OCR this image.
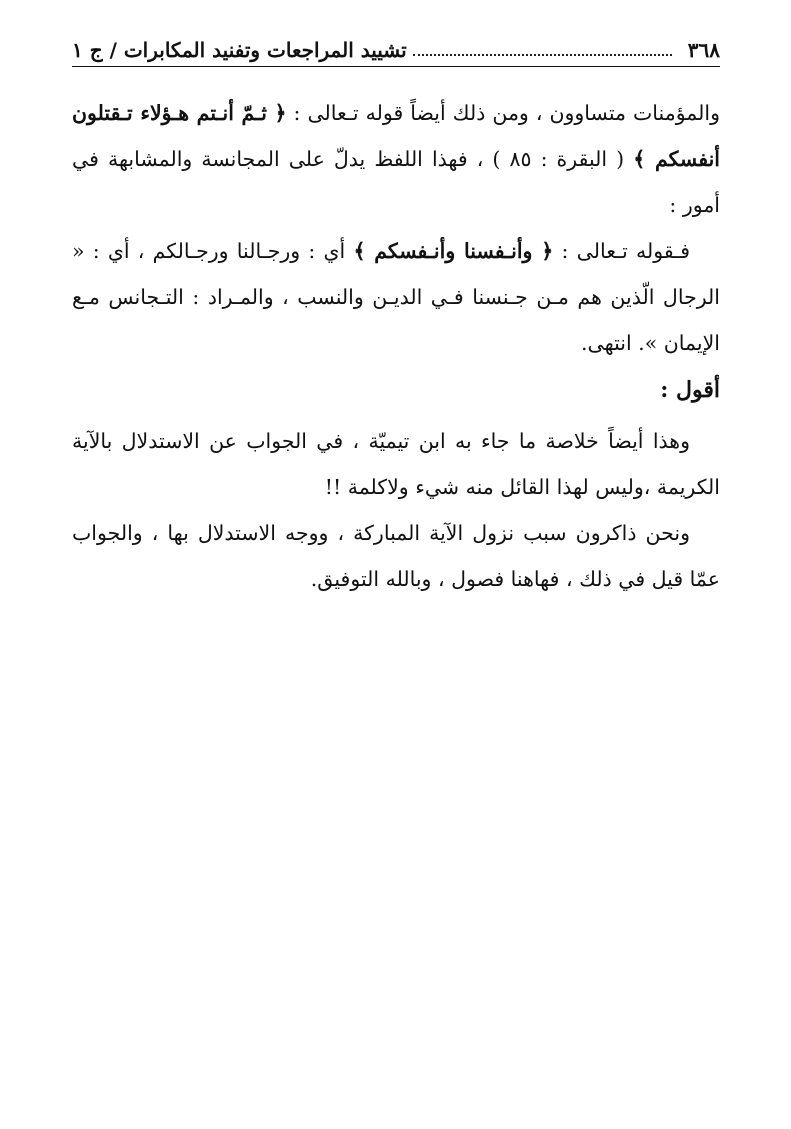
٣٦٨
تشييد المراجعات وتفنيد المكابرات / ج ١

والمؤمنات متساوون ، ومن ذلك أيضاً قوله تـعالى : ﴿ ثـمّ أنـتم هـؤلاء تـقتلون أنفسكم ﴾ ( البقرة : ٨٥ ) ، فهذا اللفظ يدلّ على المجانسة والمشابهة في أمور :

فـقوله تـعالى : ﴿ وأنـفسنا وأنـفسكم ﴾ أي : ورجـالنا ورجـالكم ، أي : « الرجال الّذين هم مـن جـنسنا فـي الديـن والنسب ، والمـراد : التـجانس مـع الإيمان ». انتهى.

أقول :

وهذا أيضاً خلاصة ما جاء به ابن تيميّة ، في الجواب عن الاستدلال بالآية الكريمة ،وليس لهذا القائل منه شيء ولاكلمة !!

ونحن ذاكرون سبب نزول الآية المباركة ، ووجه الاستدلال بها ، والجواب عمّا قيل في ذلك ، فهاهنا فصول ، وبالله التوفيق.
